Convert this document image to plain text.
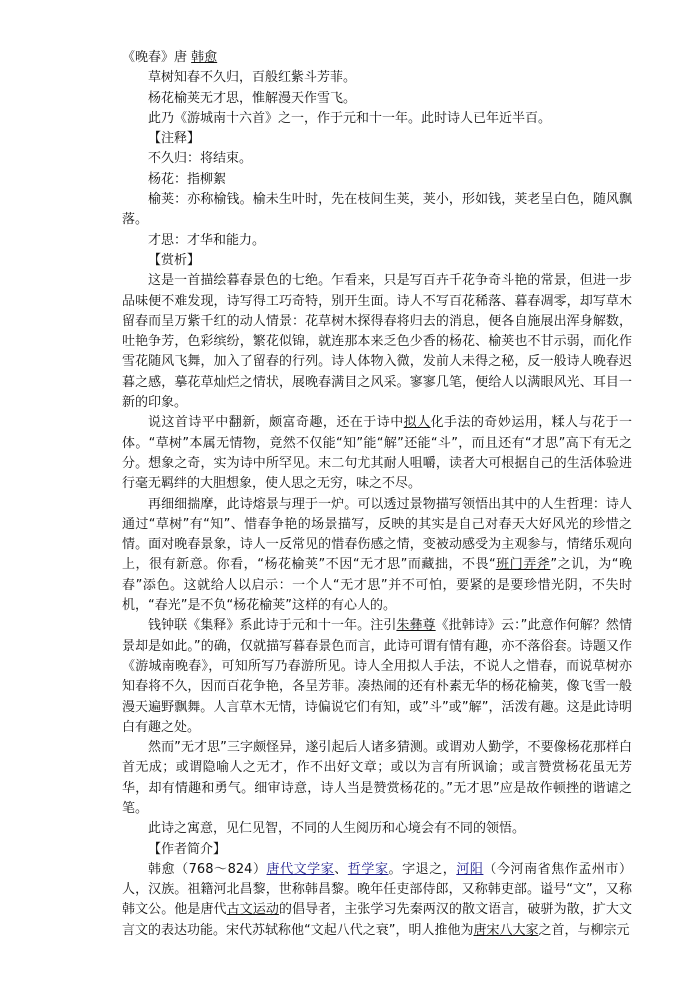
《晚春》唐 韩愈

草树知春不久归，百般红紫斗芳菲。

杨花榆荚无才思，惟解漫天作雪飞。

此乃《游城南十六首》之一，作于元和十一年。此时诗人已年近半百。

【注释】

不久归：将结束。

杨花：指柳絮

榆荚：亦称榆钱。榆未生叶时，先在枝间生荚，荚小，形如钱，荚老呈白色，随风飘落。

才思：才华和能力。

【赏析】

这是一首描绘暮春景色的七绝。乍看来，只是写百卉千花争奇斗艳的常景，但进一步品味便不难发现，诗写得工巧奇特，别开生面。诗人不写百花稀落、暮春凋零，却写草木留春而呈万紫千红的动人情景：花草树木探得春将归去的消息，便各自施展出浑身解数，吐艳争芳，色彩缤纷，繁花似锦，就连那本来乏色少香的杨花、榆荚也不甘示弱，而化作雪花随风飞舞，加入了留春的行列。诗人体物入微，发前人未得之秘，反一般诗人晚春迟暮之感，摹花草灿烂之情状，展晚春满目之风采。寥寥几笔，便给人以满眼风光、耳目一新的印象。

说这首诗平中翻新，颇富奇趣，还在于诗中拟人化手法的奇妙运用，糅人与花于一体。“草树”本属无情物，竟然不仅能“知”能“解”还能“斗”，而且还有“才思”高下有无之分。想象之奇，实为诗中所罕见。末二句尤其耐人咀嚼，读者大可根据自己的生活体验进行毫无羁绊的大胆想象，使人思之无穷，味之不尽。

再细细揣摩，此诗熔景与理于一炉。可以透过景物描写领悟出其中的人生哲理：诗人通过“草树”有“知”、惜春争艳的场景描写，反映的其实是自己对春天大好风光的珍惜之情。面对晚春景象，诗人一反常见的惜春伤感之情，变被动感受为主观参与，情绪乐观向上，很有新意。你看，“杨花榆荚”不因“无才思”而藏拙，不畏“班门弄斧”之讥，为“晚春”添色。这就给人以启示：一个人“无才思”并不可怕，要紧的是要珍惜光阴，不失时机，“春光”是不负“杨花榆荚”这样的有心人的。

钱钟联《集释》系此诗于元和十一年。注引朱彝尊《批韩诗》云：”此意作何解？然情景却是如此。”的确，仅就描写暮春景色而言，此诗可谓有情有趣，亦不落俗套。诗题又作《游城南晚春》，可知所写乃春游所见。诗人全用拟人手法，不说人之惜春，而说草树亦知春将不久，因而百花争艳，各呈芳菲。凑热闹的还有朴素无华的杨花榆荚，像飞雪一般漫天遍野飘舞。人言草木无情，诗偏说它们有知，或”斗”或”解”，活泼有趣。这是此诗明白有趣之处。

然而”无才思”三字颇怪异，遂引起后人诸多猜测。或谓劝人勤学，不要像杨花那样白首无成；或谓隐喻人之无才，作不出好文章；或以为言有所讽谕；或言赞赏杨花虽无芳华，却有情趣和勇气。细审诗意，诗人当是赞赏杨花的。”无才思”应是故作顿挫的谐谑之笔。

此诗之寓意，见仁见智，不同的人生阅历和心境会有不同的领悟。

【作者简介】

韩愈（768～824）唐代文学家、哲学家。字退之，河阳（今河南省焦作孟州市）人，汉族。祖籍河北昌黎，世称韩昌黎。晚年任吏部侍郎，又称韩吏部。谥号“文”，又称韩文公。他是唐代古文运动的倡导者，主张学习先秦两汉的散文语言，破骈为散，扩大文言文的表达功能。宋代苏轼称他“文起八代之衰”，明人推他为唐宋八大家之首，与柳宗元
